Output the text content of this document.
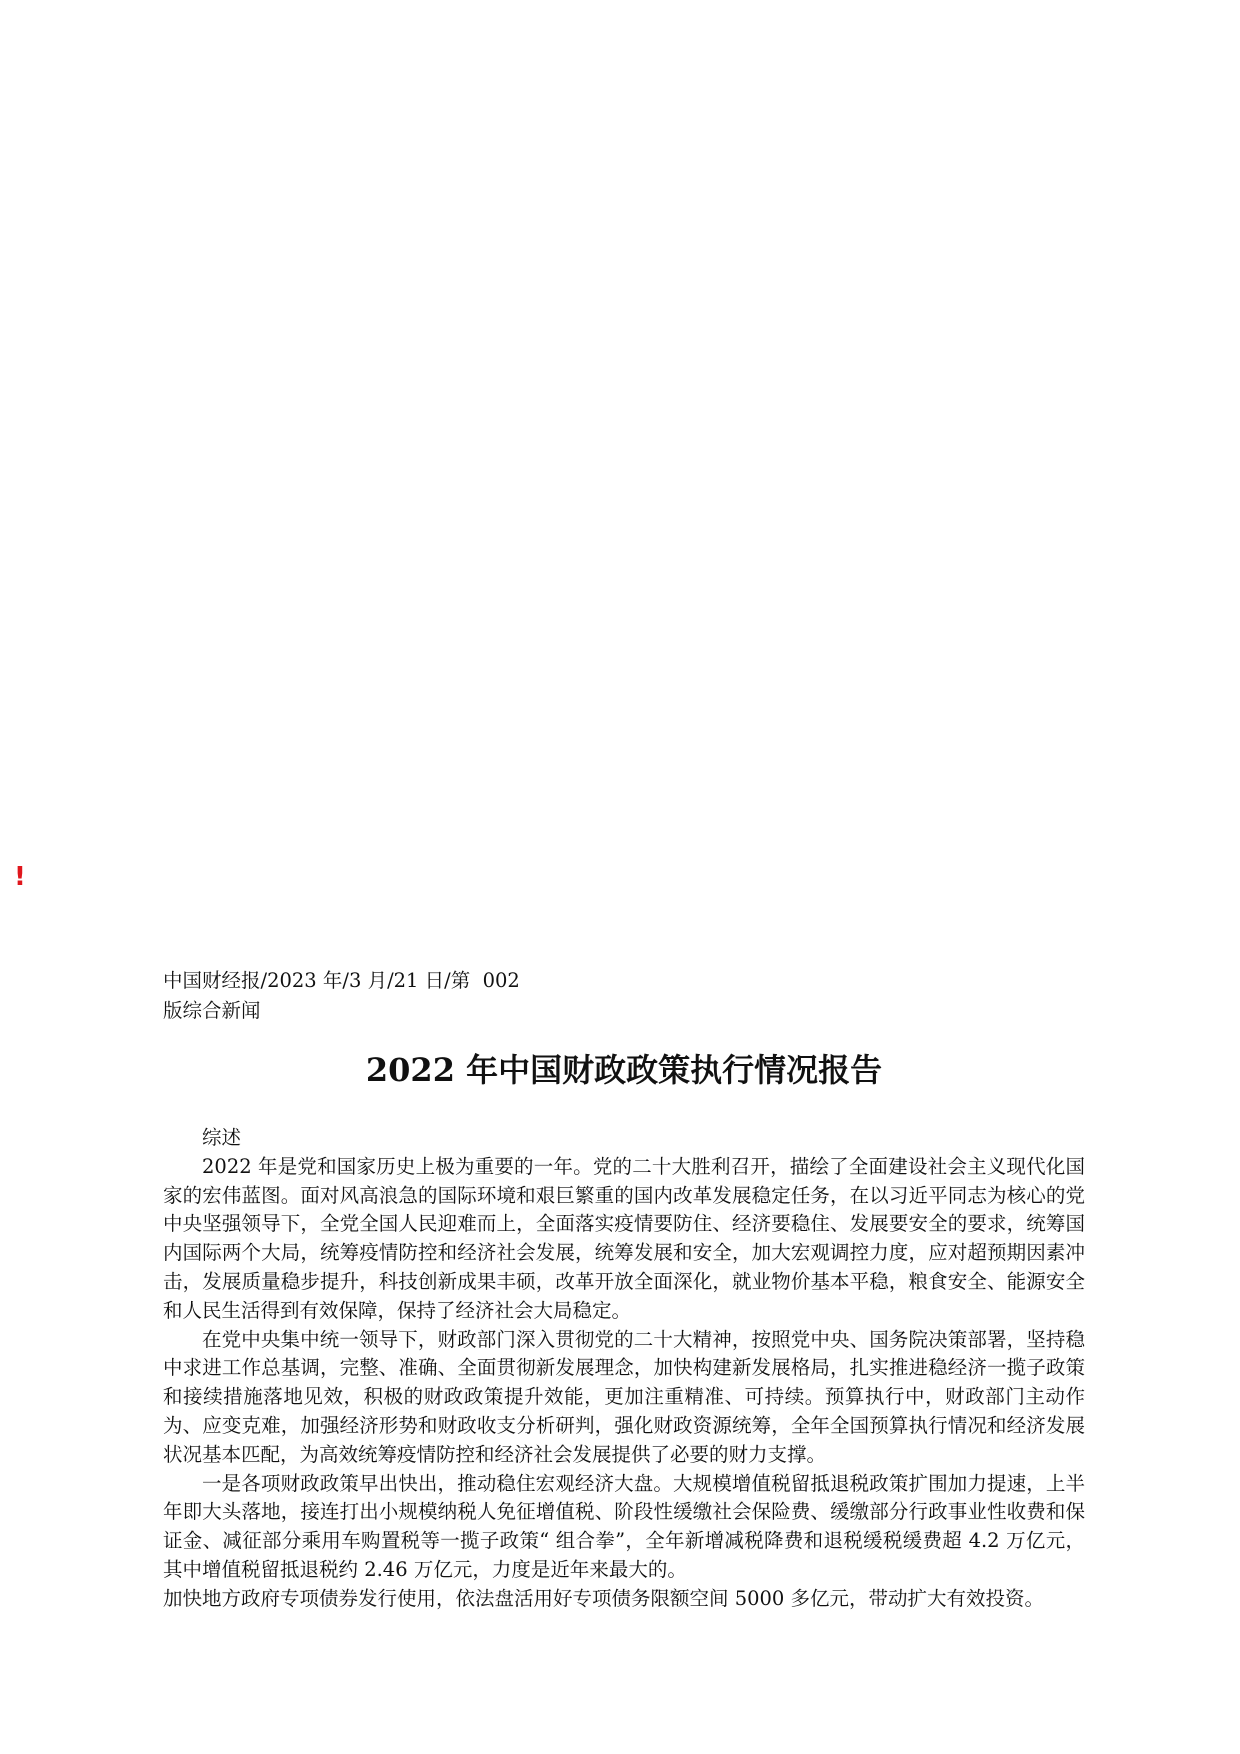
!
中国财经报/2023 年/3 月/21 日/第  002
版综合新闻
2022 年中国财政政策执行情况报告

综述

2022 年是党和国家历史上极为重要的一年。党的二十大胜利召开，描绘了全面建设社会主义现代化国家的宏伟蓝图。面对风高浪急的国际环境和艰巨繁重的国内改革发展稳定任务，在以习近平同志为核心的党中央坚强领导下，全党全国人民迎难而上，全面落实疫情要防住、经济要稳住、发展要安全的要求，统筹国内国际两个大局，统筹疫情防控和经济社会发展，统筹发展和安全，加大宏观调控力度，应对超预期因素冲击，发展质量稳步提升，科技创新成果丰硕，改革开放全面深化，就业物价基本平稳，粮食安全、能源安全和人民生活得到有效保障，保持了经济社会大局稳定。

在党中央集中统一领导下，财政部门深入贯彻党的二十大精神，按照党中央、国务院决策部署，坚持稳中求进工作总基调，完整、准确、全面贯彻新发展理念，加快构建新发展格局，扎实推进稳经济一揽子政策和接续措施落地见效，积极的财政政策提升效能，更加注重精准、可持续。预算执行中，财政部门主动作为、应变克难，加强经济形势和财政收支分析研判，强化财政资源统筹，全年全国预算执行情况和经济发展状况基本匹配，为高效统筹疫情防控和经济社会发展提供了必要的财力支撑。

一是各项财政政策早出快出，推动稳住宏观经济大盘。大规模增值税留抵退税政策扩围加力提速，上半年即大头落地，接连打出小规模纳税人免征增值税、阶段性缓缴社会保险费、缓缴部分行政事业性收费和保证金、减征部分乘用车购置税等一揽子政策“ 组合拳”，全年新增减税降费和退税缓税缓费超 4.2 万亿元，其中增值税留抵退税约 2.46 万亿元，力度是近年来最大的。

加快地方政府专项债券发行使用，依法盘活用好专项债务限额空间 5000 多亿元，带动扩大有效投资。
